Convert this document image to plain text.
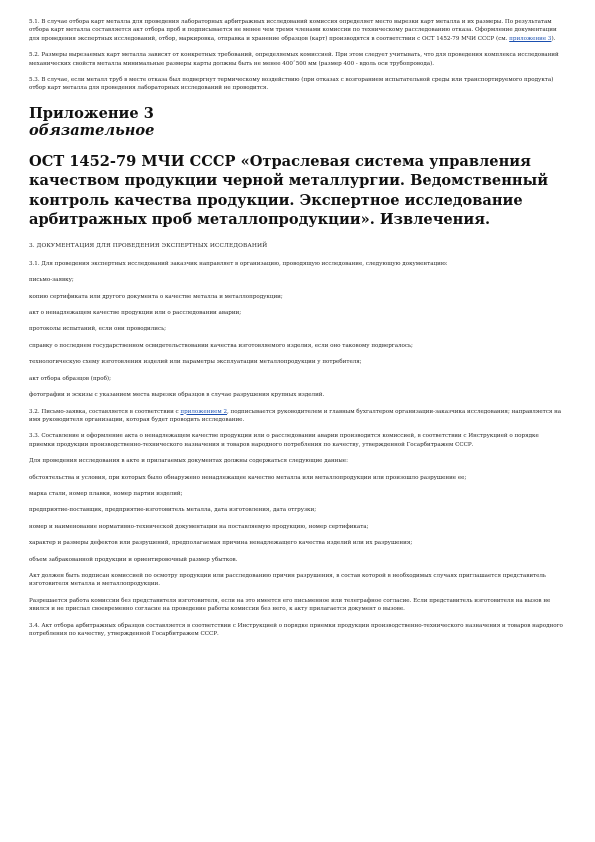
5.1. В случае отбора карт металла для проведения лабораторных арбитражных исследований комиссия определяет место вырезки карт металла и их размеры. По результатам отбора карт металла составляется акт отбора проб и подписывается не менее чем тремя членами комиссии по техническому расследованию отказа. Оформление документации для проведения экспертных исследований, отбор, маркировка, отправка и хранение образцов (карт) производятся в соответствии с ОСТ 1452-79 МЧИ СССР (см. приложение 3).

5.2. Размеры вырезаемых карт металла зависят от конкретных требований, определяемых комиссией. При этом следует учитывать, что для проведения комплекса исследований механических свойств металла минимальные размеры карты должны быть не менее 400ˆ500 мм (размер 400 - вдоль оси трубопровода).

5.3. В случае, если металл труб в месте отказа был подвергнут термическому воздействию (при отказах с возгоранием испытательной среды или транспортируемого продукта) отбор карт металла для проведения лабораторных исследований не проводится.

Приложение 3
обязательное
ОСТ 1452-79 МЧИ СССР «Отраслевая система управления качеством продукции черной металлургии. Ведомственный контроль качества продукции. Экспертное исследование арбитражных проб металлопродукции». Извлечения.

3. ДОКУМЕНТАЦИЯ ДЛЯ ПРОВЕДЕНИЯ ЭКСПЕРТНЫХ ИССЛЕДОВАНИЙ

3.1. Для проведения экспертных исследований заказчик направляет в организацию, проводящую исследование, следующую документацию:

письмо-заявку;

копию сертификата или другого документа о качестве металла и металлопродукции;

акт о ненадлежащем качестве продукции или о расследовании аварии;

протоколы испытаний, если они проводились;

справку о последнем государственном освидетельствовании качества изготовляемого изделия, если оно таковому подвергалось;

технологическую схему изготовления изделий или параметры эксплуатации металлопродукции у потребителя;

акт отбора образцов (проб);

фотографии и эскизы с указанием места вырезки образцов в случае разрушения крупных изделий.

3.2. Письмо-заявка, составляется в соответствии с приложением 2, подписывается руководителем и главным бухгалтером организации-заказчика исследования; направляется на имя руководителя организации, которая будет проводить исследование.

3.3. Составление и оформление акта о ненадлежащем качестве продукции или о расследовании аварии производится комиссией, в соответствии с Инструкцией о порядке приемки продукции производственно-технического назначения и товаров народного потребления по качеству, утвержденной Госарбитражем СССР.

Для проведения исследования в акте и прилагаемых документах должны содержаться следующие данные:

обстоятельства и условия, при которых было обнаружено ненадлежащее качество металла или металлопродукции или произошло разрушение ее;

марка стали, номер плавки, номер партии изделий;

предприятие-поставщик, предприятие-изготовитель металла, дата изготовления, дата отгрузки;

номер и наименование нормативно-технической документации на поставляемую продукцию, номер сертификата;

характер и размеры дефектов или разрушений, предполагаемая причина ненадлежащего качества изделий или их разрушения;

объем забракованной продукции и ориентировочный размер убытков.

Акт должен быть подписан комиссией по осмотру продукции или расследованию причин разрушения, в состав которой в необходимых случаях приглашается представитель изготовителя металла и металлопродукции.

Разрешается работа комиссии без представителя изготовителя, если на это имеется его письменное или телеграфное согласие. Если представитель изготовителя на вызов не явился и не прислал своевременно согласие на проведение работы комиссии без него, к акту прилагается документ о вызове.

3.4. Акт отбора арбитражных образцов составляется в соответствии с Инструкцией о порядке приемки продукции производственно-технического назначения и товаров народного потребления по качеству, утвержденной Госарбитражем СССР.
